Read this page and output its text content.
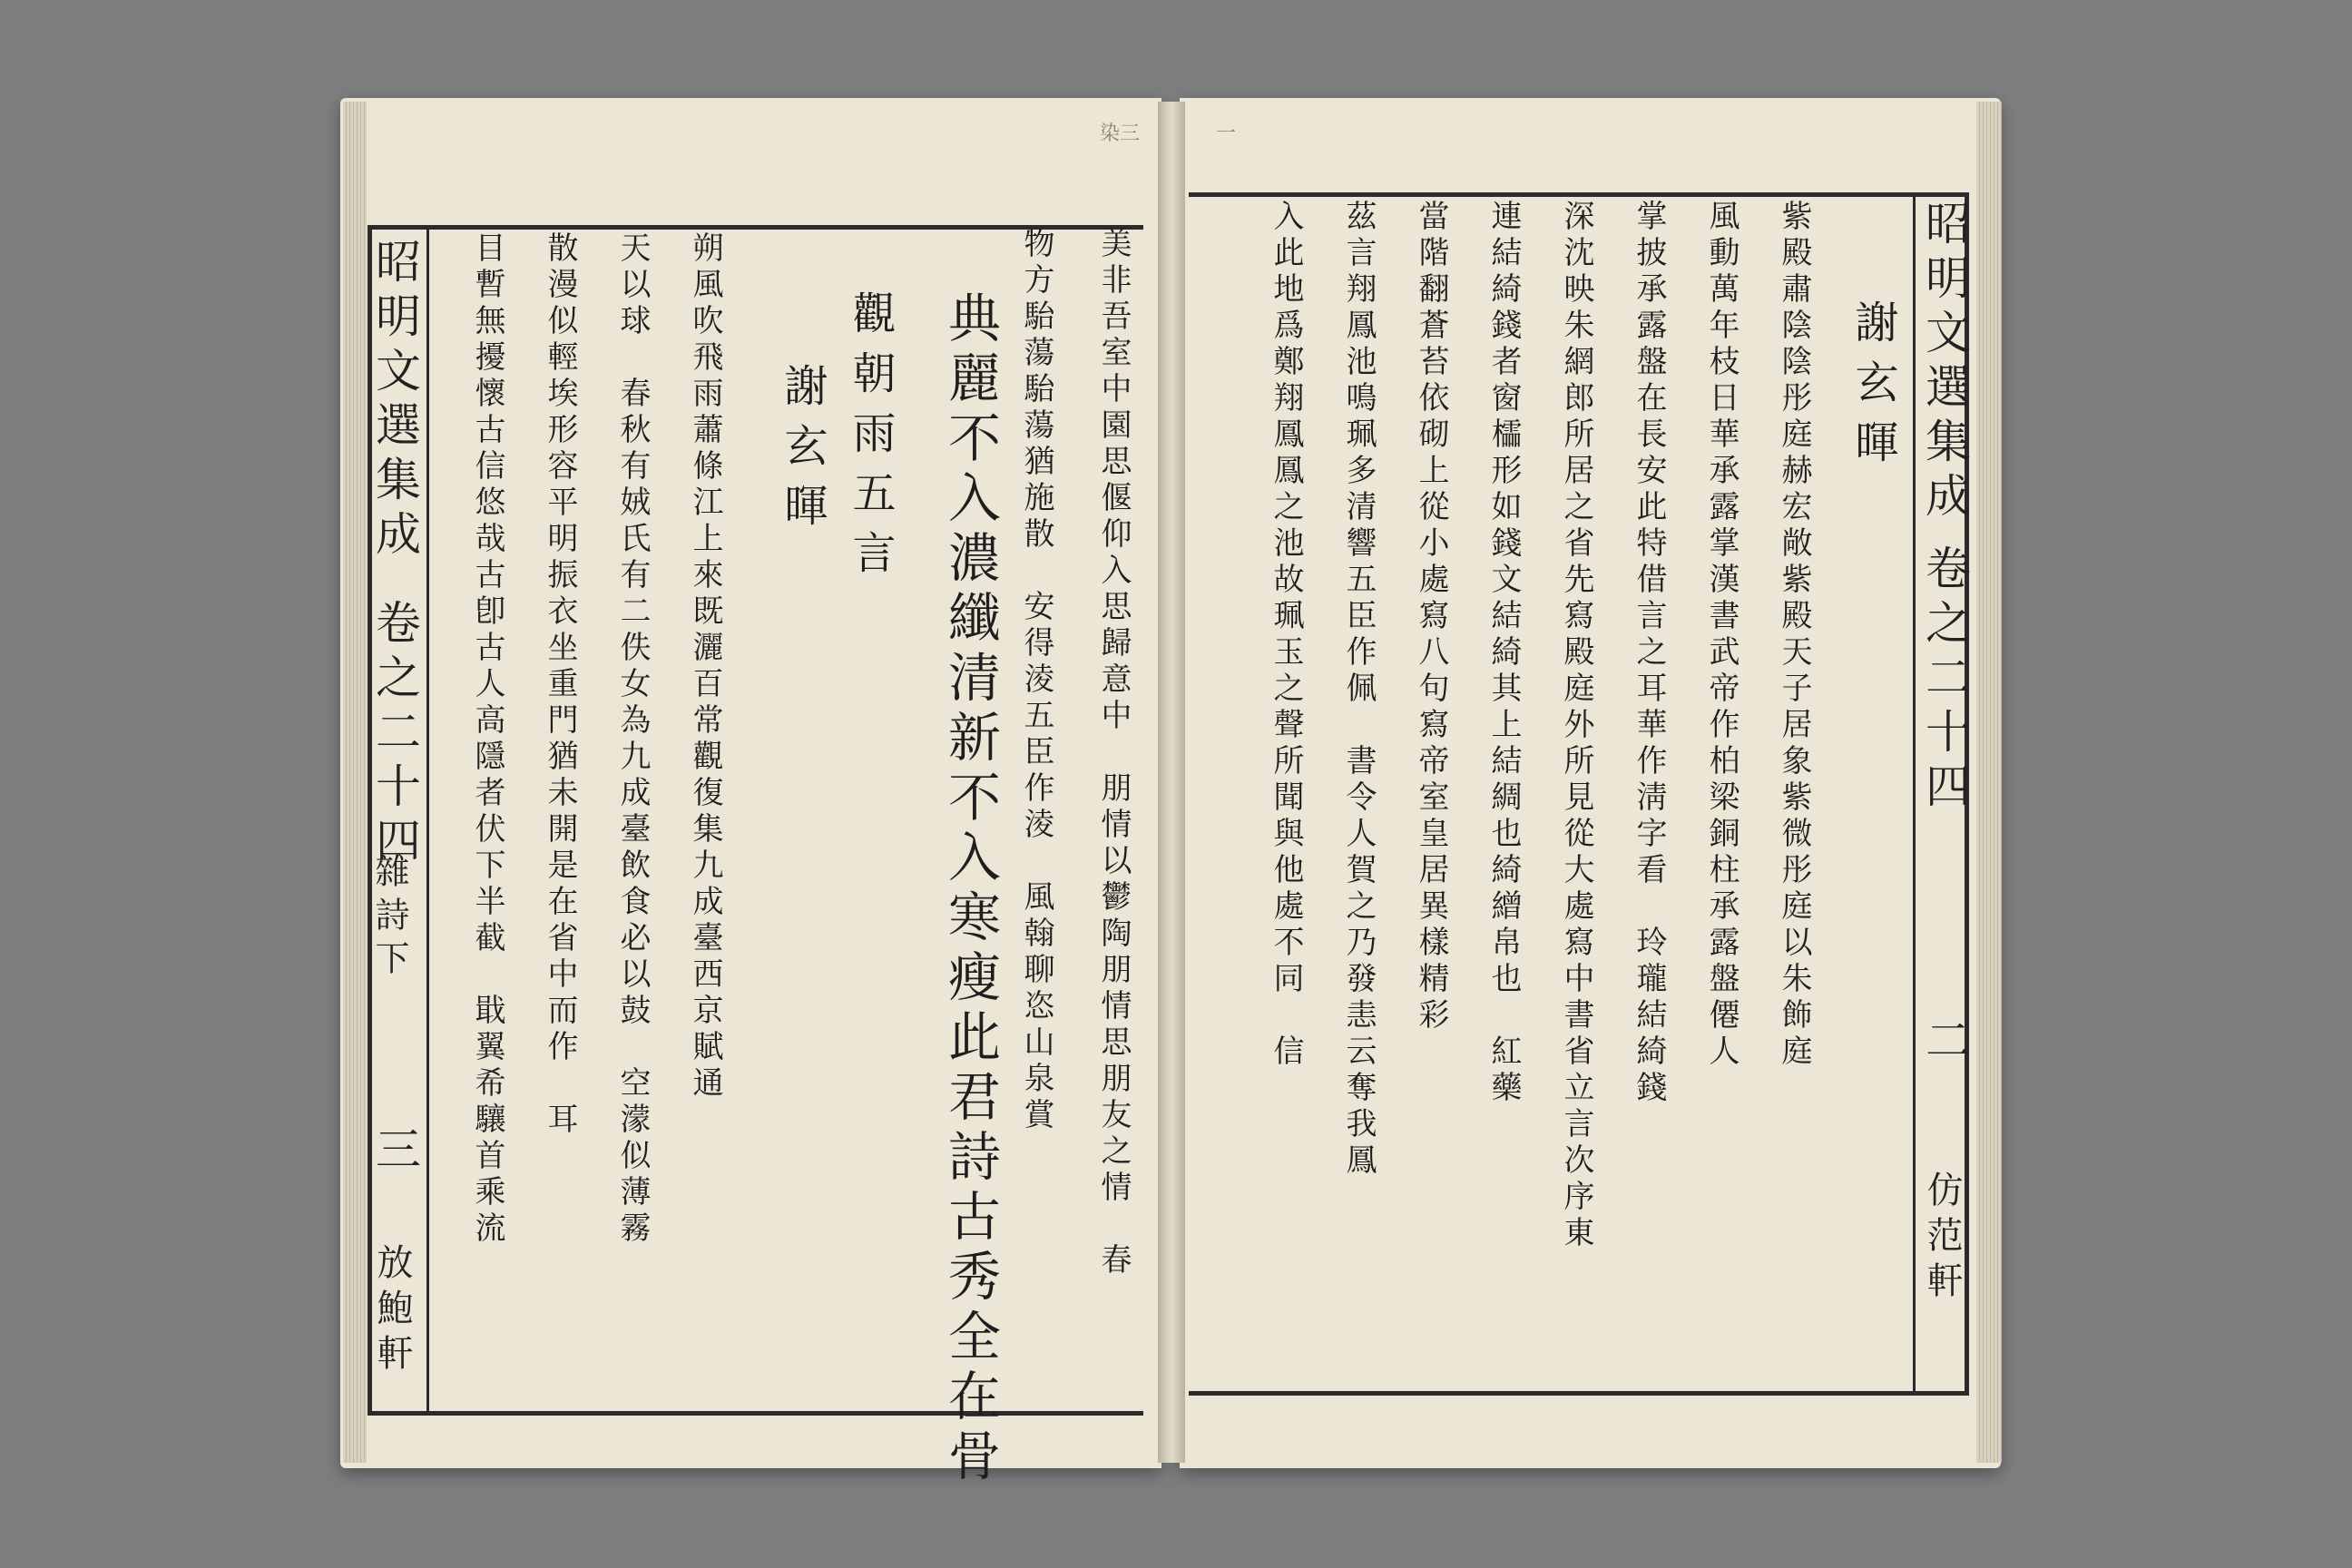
染三	一
昭明文選集成
卷之二十四
雜詩下
三
放鮑軒
美非吾室中園思偃仰入思歸意中　朋情以鬱陶朋情思朋友之情　春
物方駘蕩駘蕩猶施散　安得淩五臣作淩　風翰聊恣山泉賞
典麗不入濃纖清新不入寒瘦此君詩古秀全在骨
觀朝雨五言
謝玄暉
朔風吹飛雨蕭條江上來既灑百常觀復集九成臺西京賦通
天以球　春秋有娀氏有二佚女為九成臺飲食必以鼓　空濛似薄霧
散漫似輕埃形容平明振衣坐重門猶未開是在省中而作　耳
目暫無擾懷古信悠哉古卽古人高隱者伏下半截　戢翼希驤首乘流	昭明文選集成
卷之二十四
二
仿范軒
謝玄暉
紫殿肅陰陰彤庭赫宏敞紫殿天子居象紫微彤庭以朱飾庭
風動萬年枝日華承露掌漢書武帝作柏梁銅柱承露盤僊人
掌披承露盤在長安此特借言之耳華作淸字看　玲瓏結綺錢
深沈映朱網郎所居之省先寫殿庭外所見從大處寫中書省立言次序東
連結綺錢者窗櫺形如錢文結綺其上結綢也綺繒帛也　紅藥
當階翻蒼苔依砌上從小處寫八句寫帝室皇居異樣精彩
茲言翔鳳池鳴珮多清響五臣作佩　書令人賀之乃發恚云奪我鳳
入此地爲鄭翔鳳鳳之池故珮玉之聲所聞與他處不同　信
